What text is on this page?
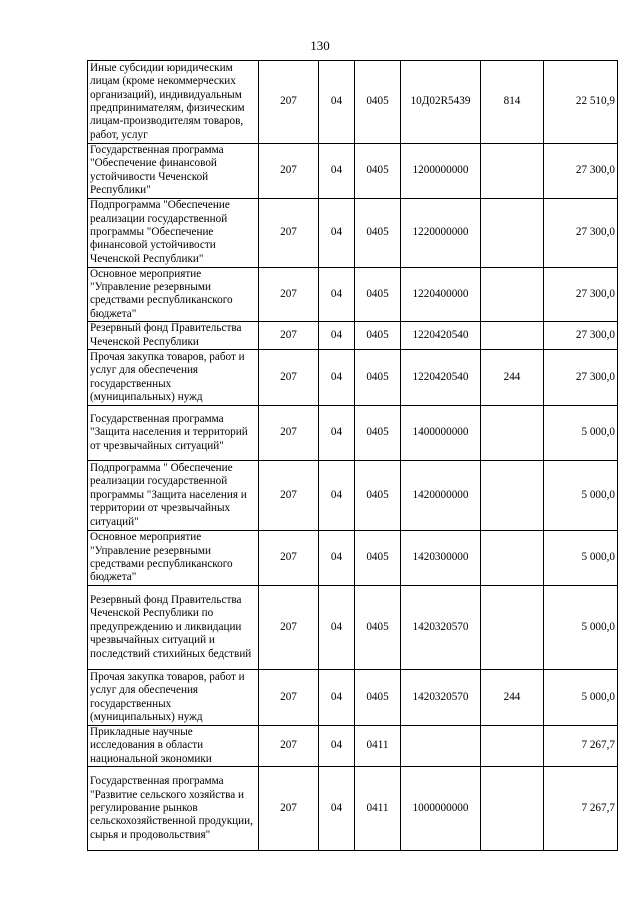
130
Иные субсидии юридическим лицам (кроме некоммерческих организаций), индивидуальным предпринимателям, физическим лицам-производителям товаров, работ, услуг	207	04	0405	10Д02R5439	814	22 510,9
Государственная программа "Обеспечение финансовой устойчивости Чеченской Республики"	207	04	0405	1200000000		27 300,0
Подпрограмма "Обеспечение реализации государственной программы "Обеспечение финансовой устойчивости Чеченской Республики"	207	04	0405	1220000000		27 300,0
Основное мероприятие "Управление резервными средствами республиканского бюджета"	207	04	0405	1220400000		27 300,0
Резервный фонд Правительства Чеченской Республики	207	04	0405	1220420540		27 300,0
Прочая закупка товаров, работ и услуг для обеспечения государственных (муниципальных) нужд	207	04	0405	1220420540	244	27 300,0
Государственная программа "Защита населения и территорий от чрезвычайных ситуаций"	207	04	0405	1400000000		5 000,0
Подпрограмма " Обеспечение реализации государственной программы "Защита населения и территории от чрезвычайных ситуаций"	207	04	0405	1420000000		5 000,0
Основное мероприятие "Управление резервными средствами республиканского бюджета"	207	04	0405	1420300000		5 000,0
Резервный фонд Правительства Чеченской Республики по предупреждению и ликвидации чрезвычайных ситуаций и последствий стихийных бедствий	207	04	0405	1420320570		5 000,0
Прочая закупка товаров, работ и услуг для обеспечения государственных (муниципальных) нужд	207	04	0405	1420320570	244	5 000,0
Прикладные научные исследования в области национальной экономики	207	04	0411			7 267,7
Государственная программа "Развитие сельского хозяйства и регулирование рынков сельскохозяйственной продукции, сырья и продовольствия"	207	04	0411	1000000000		7 267,7
